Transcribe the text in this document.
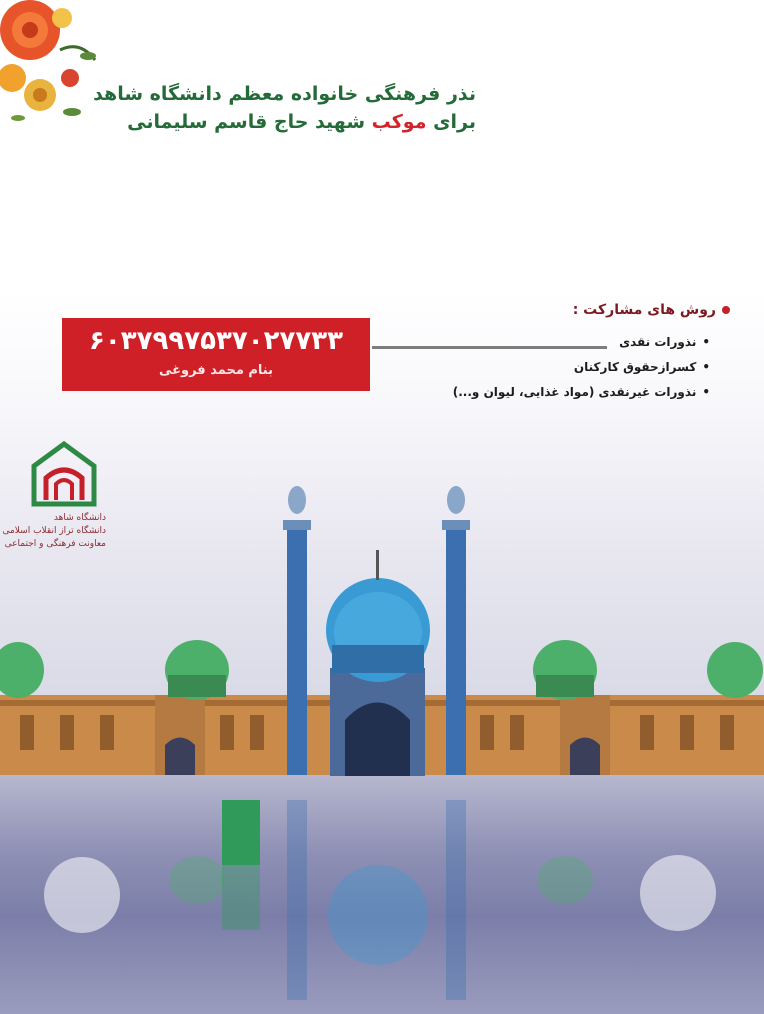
نذر فرهنگی خانواده معظم دانشگاه شاهد
برای موکب شهید حاج قاسم سلیمانی
روش های مشارکت :
•نذورات نقدی
•کسرازحقوق کارکنان
•نذورات غیرنقدی (مواد غذایی، لیوان و...)
۶۰۳۷۹۹۷۵۳۷۰۲۷۷۳۳
بنام محمد فروغی
دانشگاه شاهد
دانشگاه تراز انقلاب اسلامی
معاونت فرهنگی و اجتماعی
